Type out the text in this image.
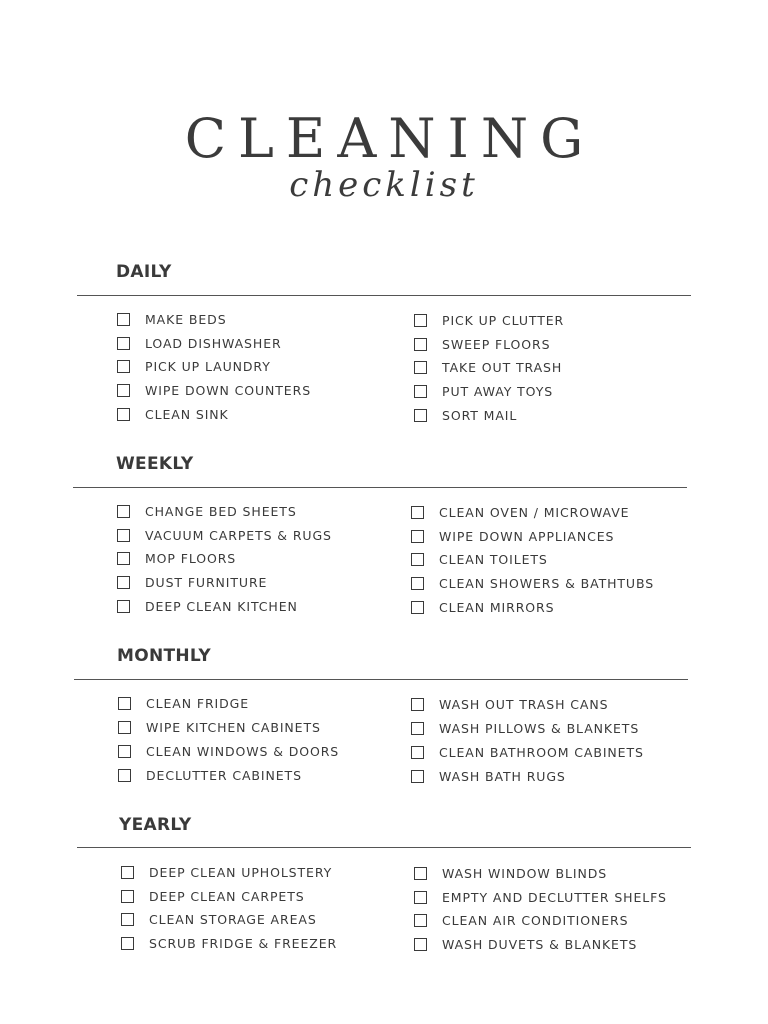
CLEANING
checklist
DAILY
MAKE BEDS
LOAD DISHWASHER
PICK UP LAUNDRY
WIPE DOWN COUNTERS
CLEAN SINK
PICK UP CLUTTER
SWEEP FLOORS
TAKE OUT TRASH
PUT AWAY TOYS
SORT MAIL
WEEKLY
CHANGE BED SHEETS
VACUUM CARPETS & RUGS
MOP FLOORS
DUST FURNITURE
DEEP CLEAN KITCHEN
CLEAN OVEN / MICROWAVE
WIPE DOWN APPLIANCES
CLEAN TOILETS
CLEAN SHOWERS & BATHTUBS
CLEAN MIRRORS
MONTHLY
CLEAN FRIDGE
WIPE KITCHEN CABINETS
CLEAN WINDOWS & DOORS
DECLUTTER CABINETS
WASH OUT TRASH CANS
WASH PILLOWS & BLANKETS
CLEAN BATHROOM CABINETS
WASH BATH RUGS
YEARLY
DEEP CLEAN UPHOLSTERY
DEEP CLEAN CARPETS
CLEAN STORAGE AREAS
SCRUB FRIDGE & FREEZER
WASH WINDOW BLINDS
EMPTY AND DECLUTTER SHELFS
CLEAN AIR CONDITIONERS
WASH DUVETS & BLANKETS
